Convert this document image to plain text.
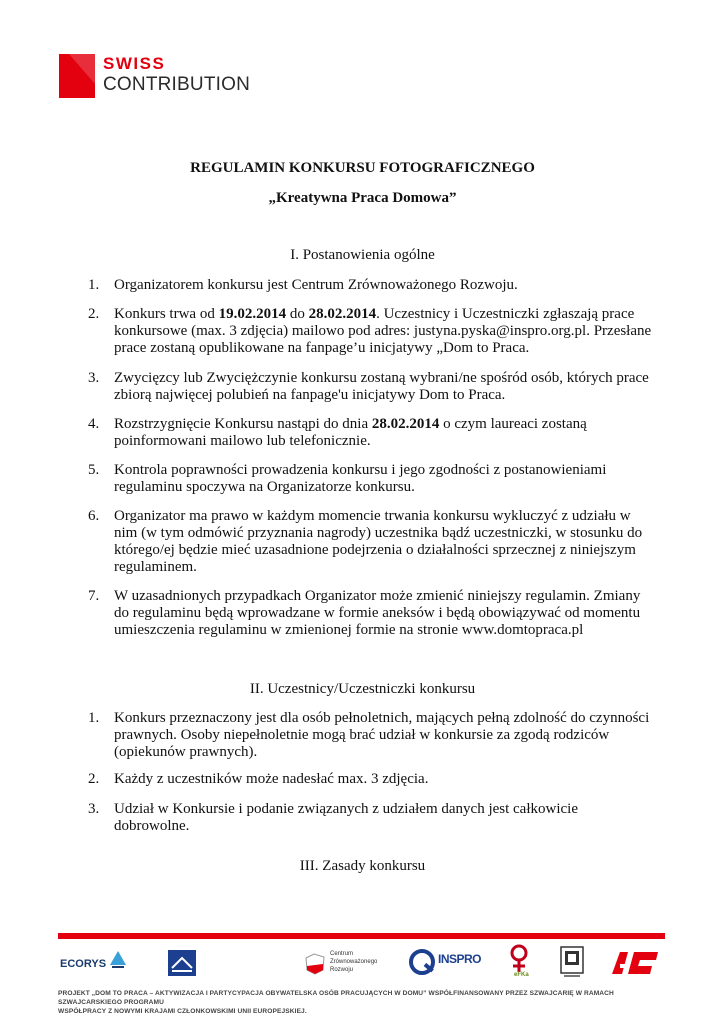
SWISS
CONTRIBUTION
REGULAMIN KONKURSU FOTOGRAFICZNEGO
„Kreatywna Praca Domowa”
I. Postanowienia ogólne
1. Organizatorem konkursu jest Centrum Zrównoważonego Rozwoju.
2. Konkurs trwa od 19.02.2014 do 28.02.2014. Uczestnicy i Uczestniczki zgłaszają prace konkursowe (max. 3 zdjęcia) mailowo pod adres: justyna.pyska@inspro.org.pl. Przesłane prace zostaną opublikowane na fanpage’u inicjatywy „Dom to Praca.
3. Zwycięzcy lub Zwyciężczynie konkursu zostaną wybrani/ne spośród osób, których prace zbiorą najwięcej polubień na fanpage'u inicjatywy Dom to Praca.
4. Rozstrzygnięcie Konkursu nastąpi do dnia 28.02.2014 o czym laureaci zostaną poinformowani mailowo lub telefonicznie.
5. Kontrola poprawności prowadzenia konkursu i jego zgodności z postanowieniami regulaminu spoczywa na Organizatorze konkursu.
6. Organizator ma prawo w każdym momencie trwania konkursu wykluczyć z udziału w nim (w tym odmówić przyznania nagrody) uczestnika bądź uczestniczki, w stosunku do którego/ej będzie mieć uzasadnione podejrzenia o działalności sprzecznej z niniejszym regulaminem.
7. W uzasadnionych przypadkach Organizator może zmienić niniejszy regulamin. Zmiany do regulaminu będą wprowadzane w formie aneksów i będą obowiązywać od momentu umieszczenia regulaminu w zmienionej formie na stronie www.domtopraca.pl
II. Uczestnicy/Uczestniczki konkursu
1. Konkurs przeznaczony jest dla osób pełnoletnich, mających pełną zdolność do czynności prawnych. Osoby niepełnoletnie mogą brać udział w konkursie za zgodą rodziców (opiekunów prawnych).
2. Każdy z uczestników może nadesłać max. 3 zdjęcia.
3. Udział w Konkursie i podanie związanych z udziałem danych jest całkowicie dobrowolne.
III. Zasady konkursu
ECORYS
Centrum
Zrównoważonego
Rozwoju
INSPRO
eFKa
PROJEKT „DOM TO PRACA – AKTYWIZACJA I PARTYCYPACJA OBYWATELSKA OSÓB PRACUJĄCYCH W DOMU” WSPÓŁFINANSOWANY PRZEZ SZWAJCARIĘ W RAMACH SZWAJCARSKIEGO PROGRAMU
WSPÓŁPRACY Z NOWYMI KRAJAMI CZŁONKOWSKIMI UNII EUROPEJSKIEJ.
